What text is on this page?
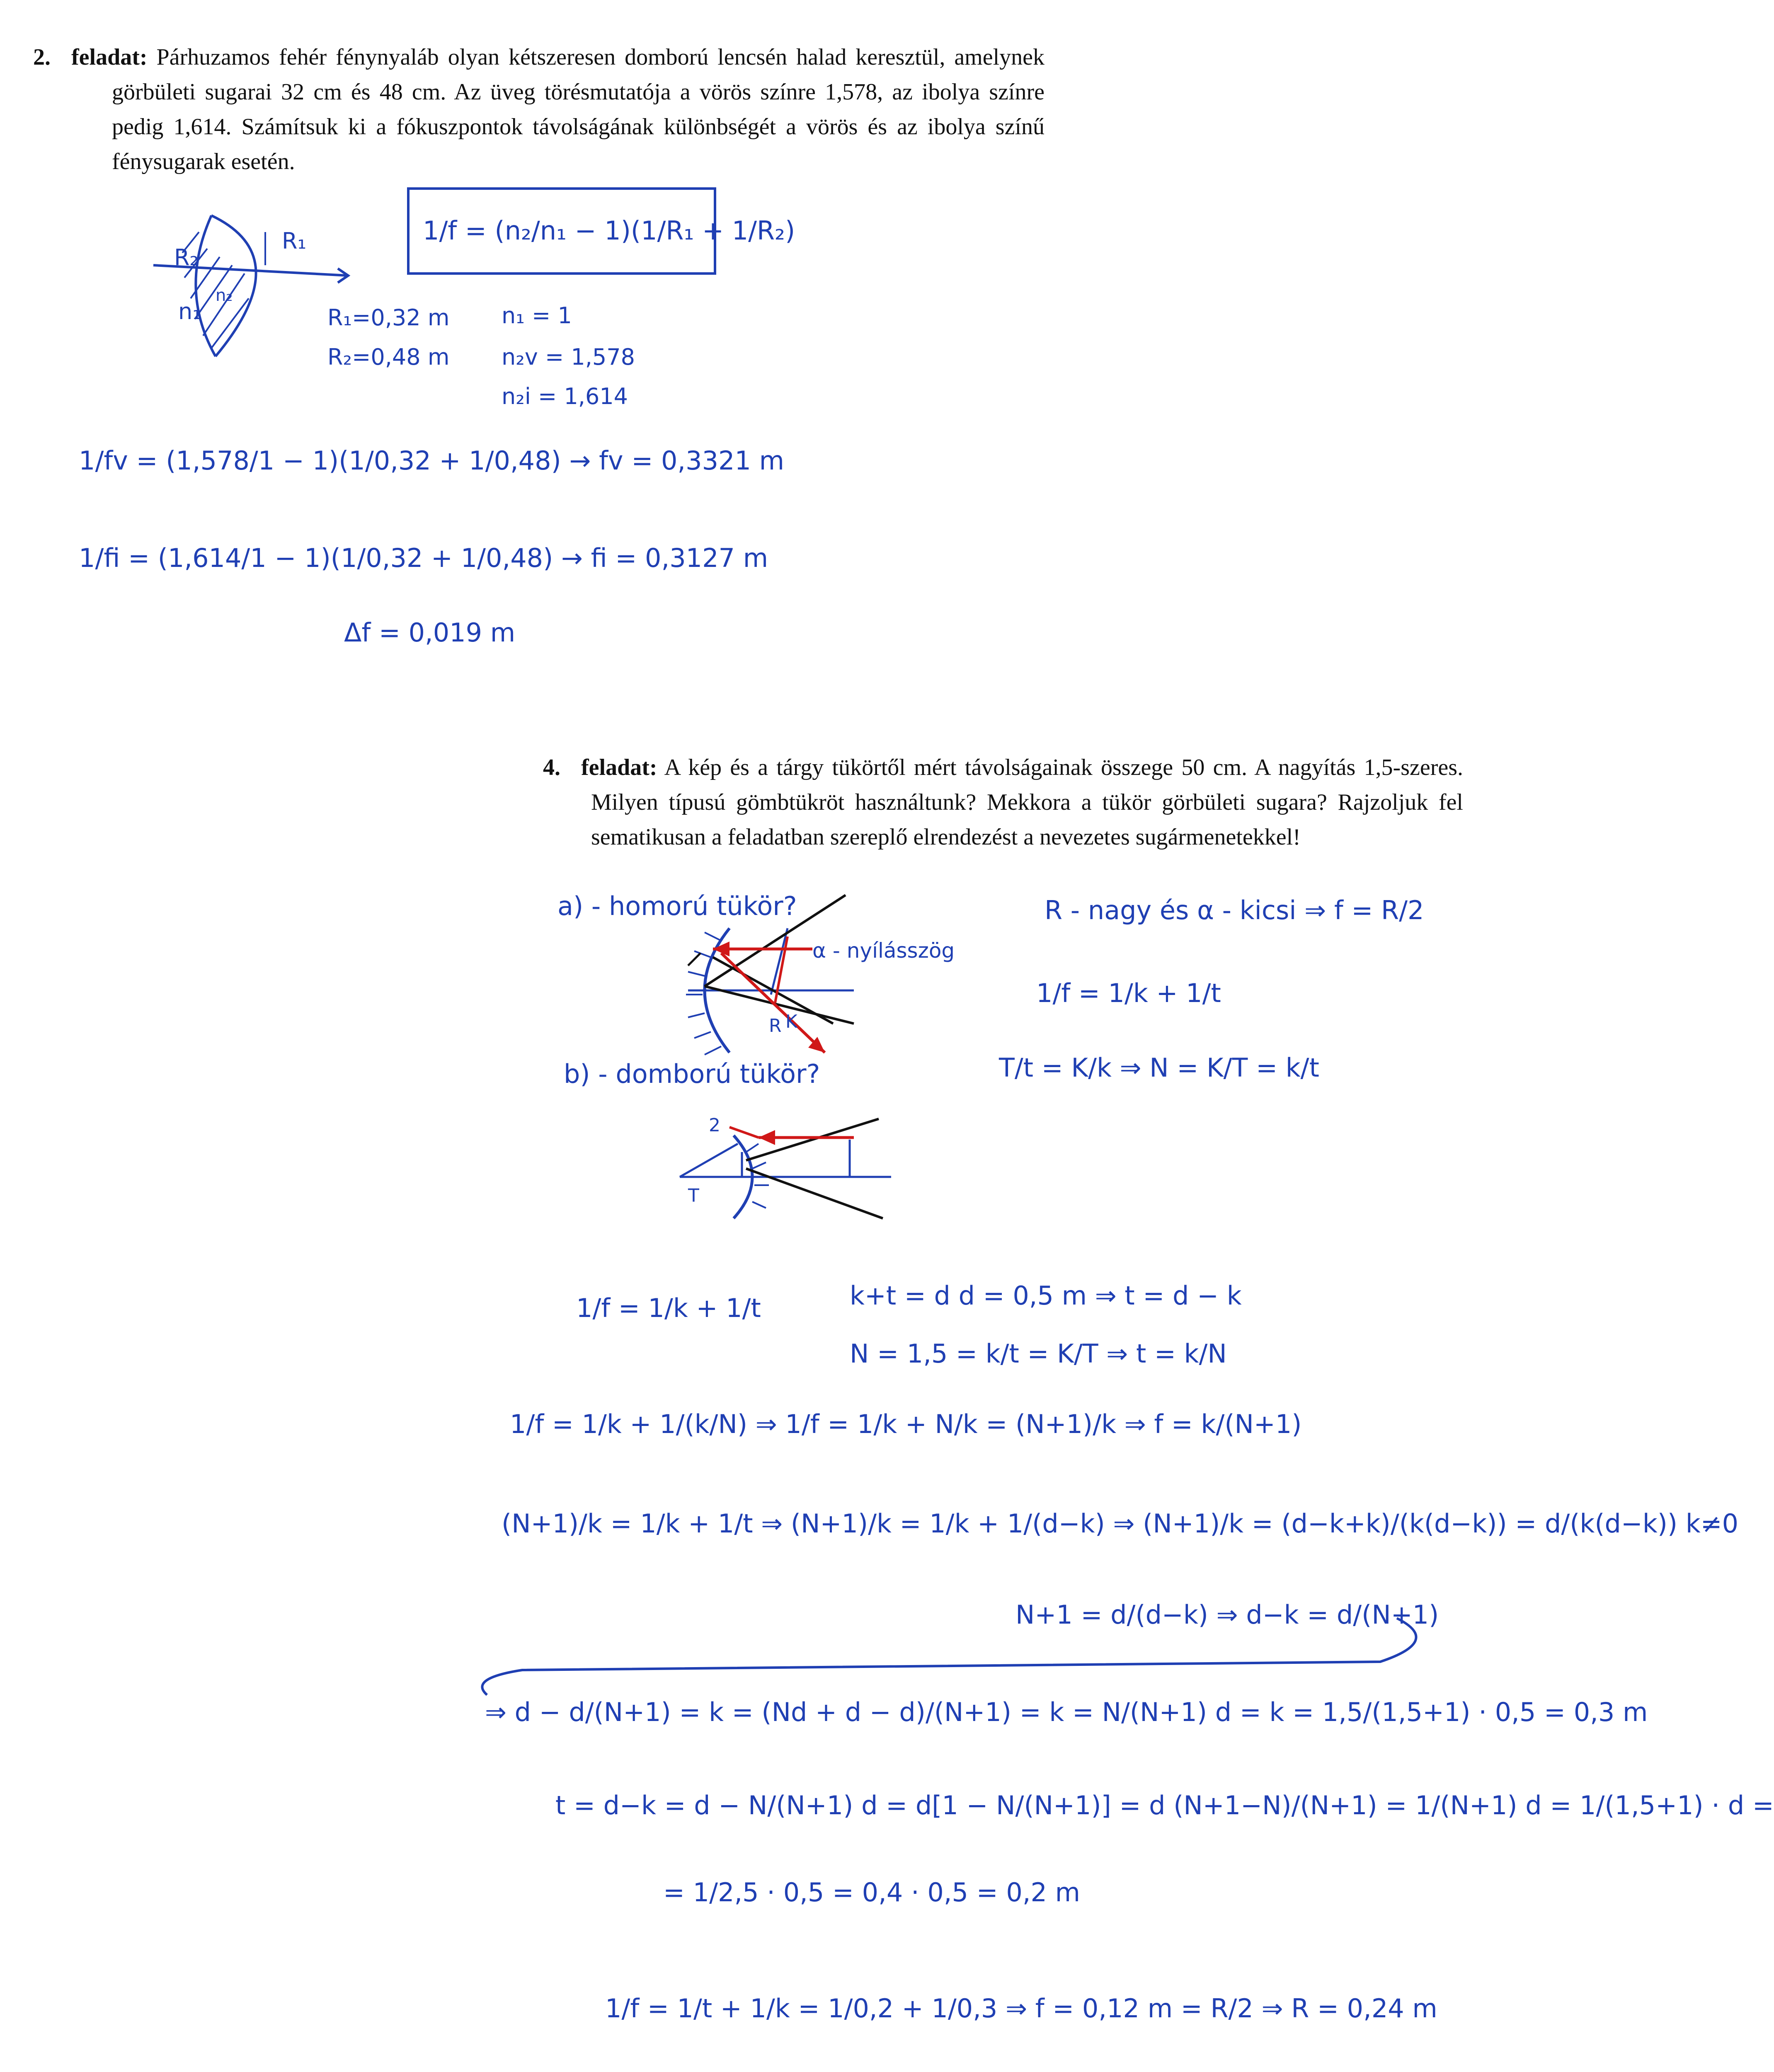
2. feladat: Párhuzamos fehér fénynyaláb olyan kétszeresen domború lencsén halad keresztül, amelynek görbületi sugarai 32 cm és 48 cm. Az üveg törésmutatója a vörös színre 1,578, az ibolya színre pedig 1,614. Számítsuk ki a fókuszpontok távolságának különbségét a vörös és az ibolya színű fénysugarak esetén.

R₂
R₁
n₁
n₂
1/f = (n₂/n₁ − 1)(1/R₁ + 1/R₂)
R₁=0,32 m
R₂=0,48 m
n₁ = 1
n₂v = 1,578
n₂i = 1,614
1/fv = (1,578/1 − 1)(1/0,32 + 1/0,48) → fv = 0,3321 m
1/fi = (1,614/1 − 1)(1/0,32 + 1/0,48) → fi = 0,3127 m
Δf = 0,019 m

4. feladat: A kép és a tárgy tükörtől mért távolságainak összege 50 cm. A nagyítás 1,5-szeres. Milyen típusú gömbtükröt használtunk? Mekkora a tükör görbületi sugara? Rajzoljuk fel sematikusan a feladatban szereplő elrendezést a nevezetes sugármenetekkel!

a) - homorú tükör?
α - nyílásszög
b) - domború tükör?
R K
2
T
R - nagy és α - kicsi ⇒ f = R/2
1/f = 1/k + 1/t
T/t = K/k ⇒ N = K/T = k/t
1/f = 1/k + 1/t	k+t = d d = 0,5 m ⇒ t = d − k
N = 1,5 = k/t = K/T ⇒ t = k/N
1/f = 1/k + 1/(k/N) ⇒ 1/f = 1/k + N/k = (N+1)/k ⇒ f = k/(N+1)
(N+1)/k = 1/k + 1/t ⇒ (N+1)/k = 1/k + 1/(d−k) ⇒ (N+1)/k = (d−k+k)/(k(d−k)) = d/(k(d−k)) k≠0
N+1 = d/(d−k) ⇒ d−k = d/(N+1)
⇒ d − d/(N+1) = k = (Nd + d − d)/(N+1) = k = N/(N+1) d = k = 1,5/(1,5+1) · 0,5 = 0,3 m
t = d−k = d − N/(N+1) d = d[1 − N/(N+1)] = d (N+1−N)/(N+1) = 1/(N+1) d = 1/(1,5+1) · d =
= 1/2,5 · 0,5 = 0,4 · 0,5 = 0,2 m
1/f = 1/t + 1/k = 1/0,2 + 1/0,3 ⇒ f = 0,12 m = R/2 ⇒ R = 0,24 m
